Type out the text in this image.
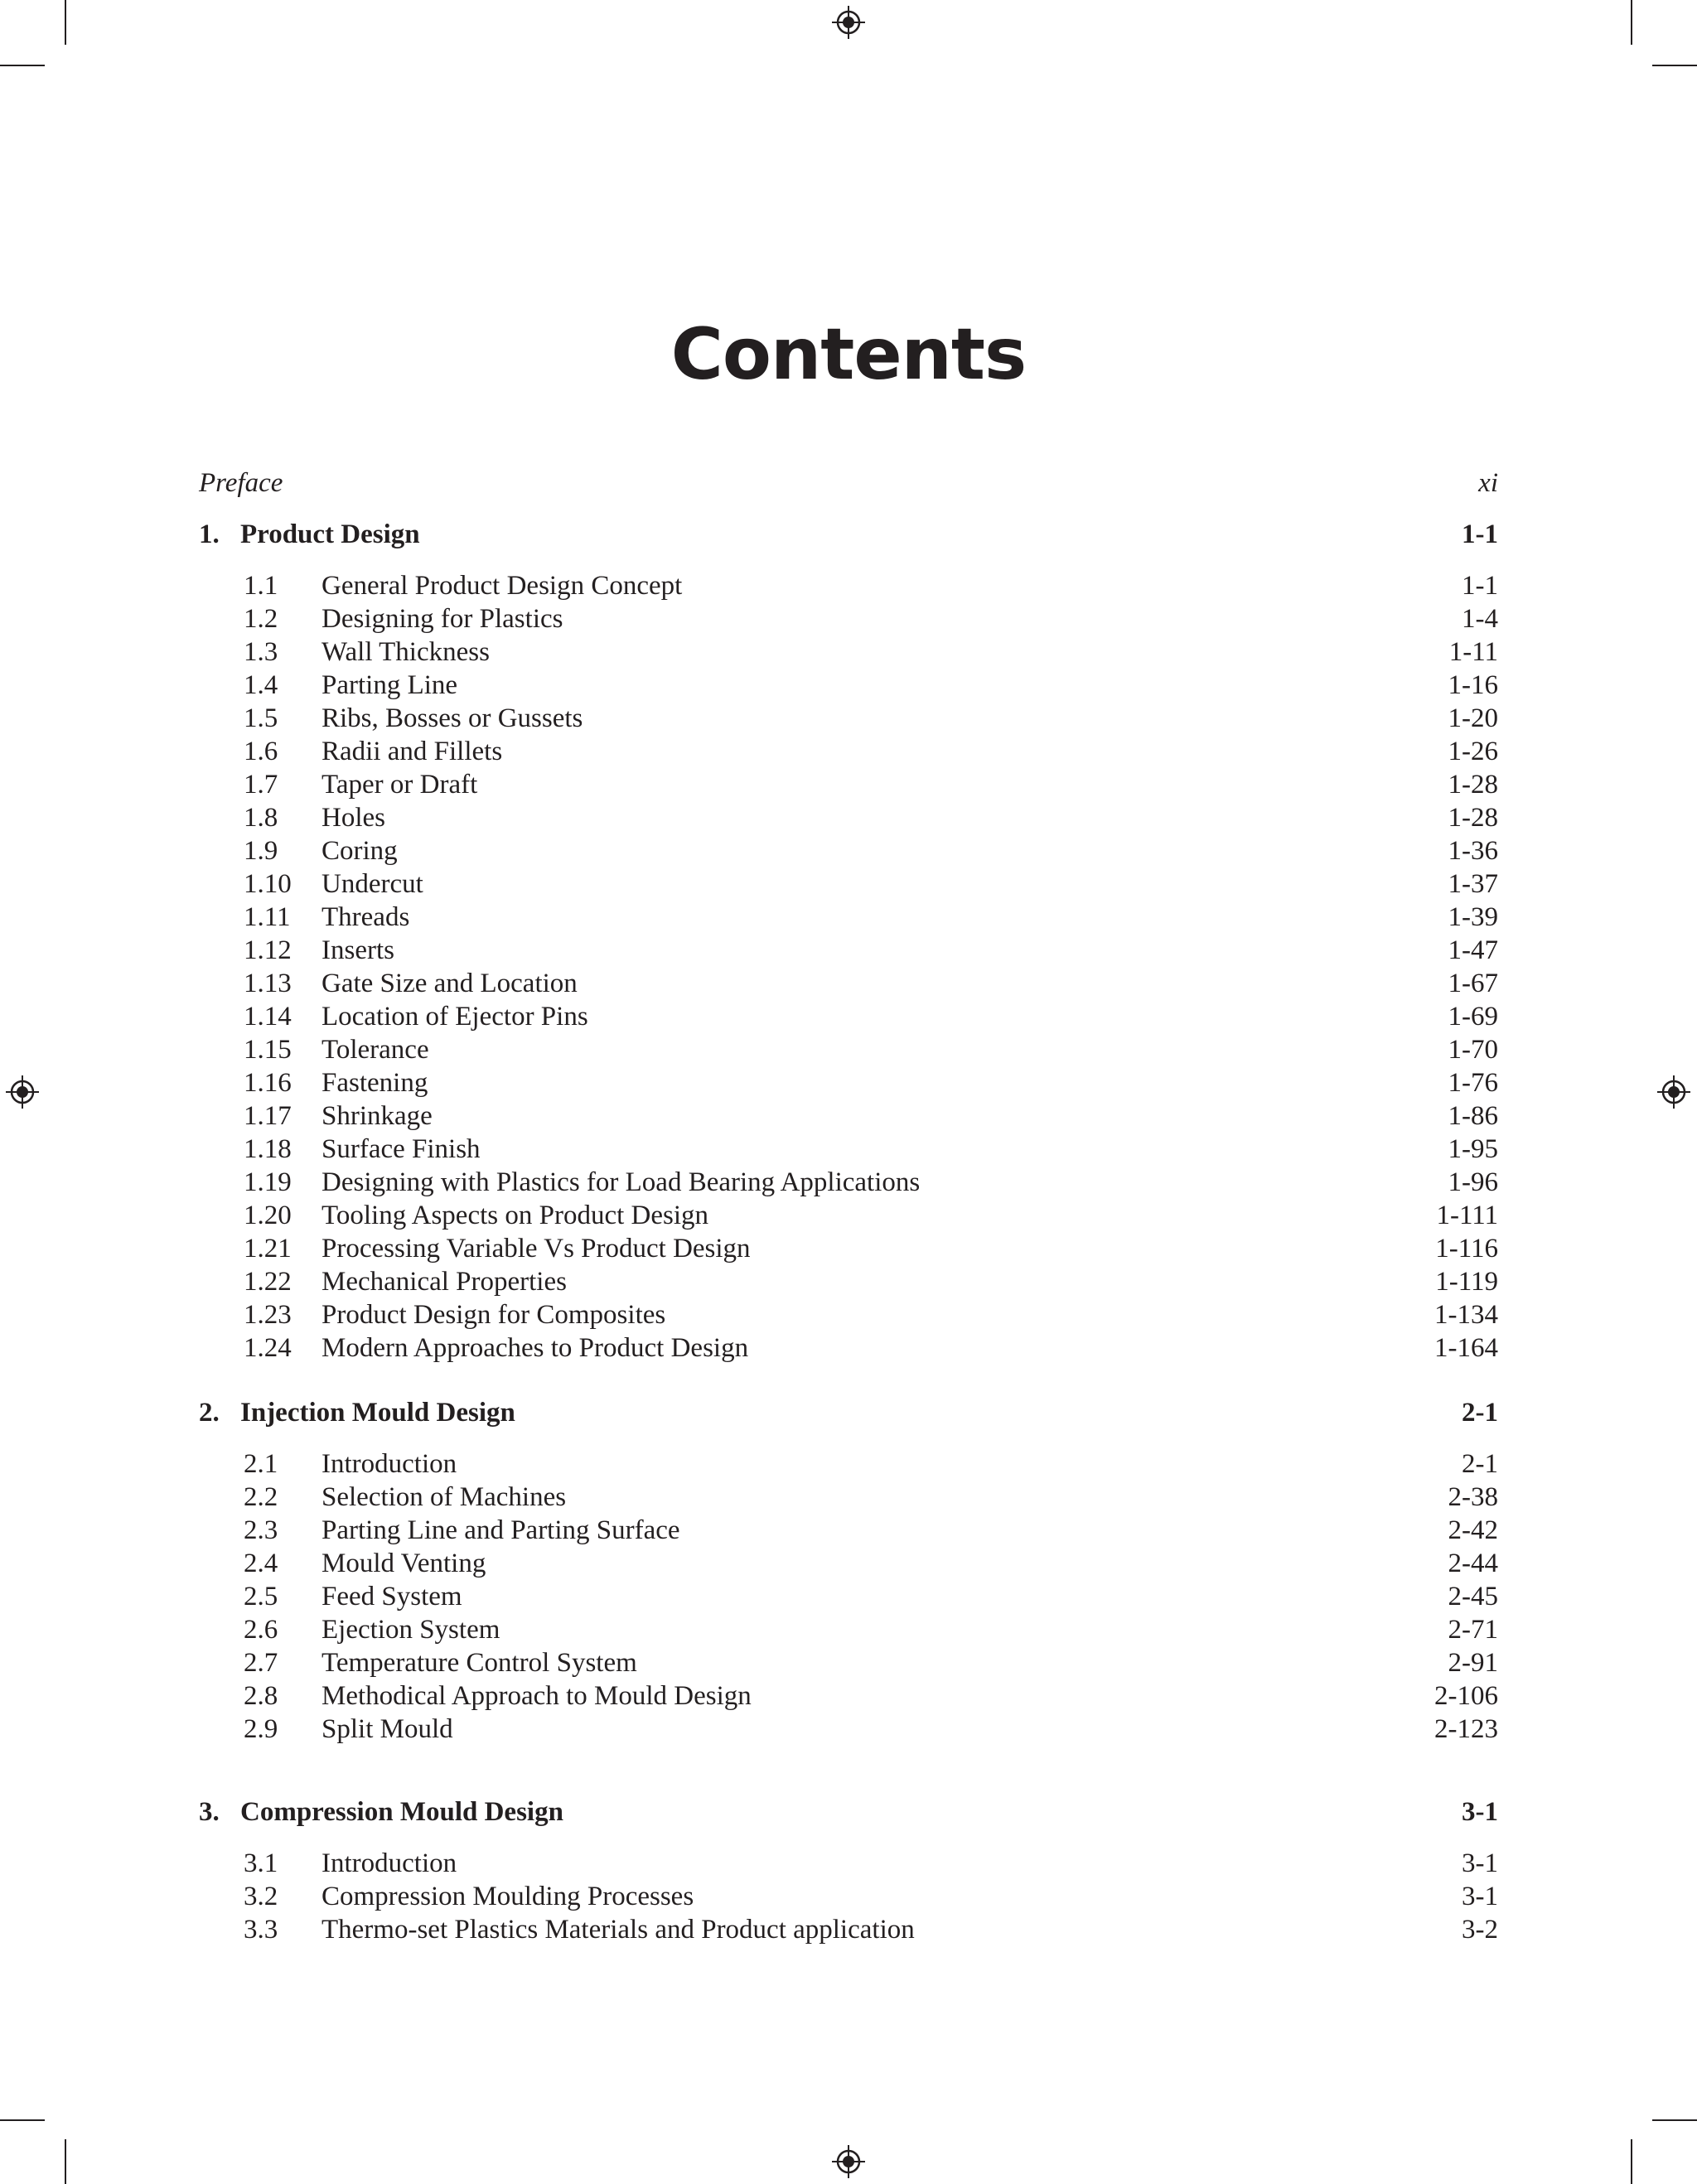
Contents
Preface	xi
1. Product Design	1-1
1.1 General Product Design Concept	1-1
1.2 Designing for Plastics	1-4
1.3 Wall Thickness	1-11
1.4 Parting Line	1-16
1.5 Ribs, Bosses or Gussets	1-20
1.6 Radii and Fillets	1-26
1.7 Taper or Draft	1-28
1.8 Holes	1-28
1.9 Coring	1-36
1.10 Undercut	1-37
1.11 Threads	1-39
1.12 Inserts	1-47
1.13 Gate Size and Location	1-67
1.14 Location of Ejector Pins	1-69
1.15 Tolerance	1-70
1.16 Fastening	1-76
1.17 Shrinkage	1-86
1.18 Surface Finish	1-95
1.19 Designing with Plastics for Load Bearing Applications	1-96
1.20 Tooling Aspects on Product Design	1-111
1.21 Processing Variable Vs Product Design	1-116
1.22 Mechanical Properties	1-119
1.23 Product Design for Composites	1-134
1.24 Modern Approaches to Product Design	1-164
2. Injection Mould Design	2-1
2.1 Introduction	2-1
2.2 Selection of Machines	2-38
2.3 Parting Line and Parting Surface	2-42
2.4 Mould Venting	2-44
2.5 Feed System	2-45
2.6 Ejection System	2-71
2.7 Temperature Control System	2-91
2.8 Methodical Approach to Mould Design	2-106
2.9 Split Mould	2-123
3. Compression Mould Design	3-1
3.1 Introduction	3-1
3.2 Compression Moulding Processes	3-1
3.3 Thermo-set Plastics Materials and Product application	3-2
